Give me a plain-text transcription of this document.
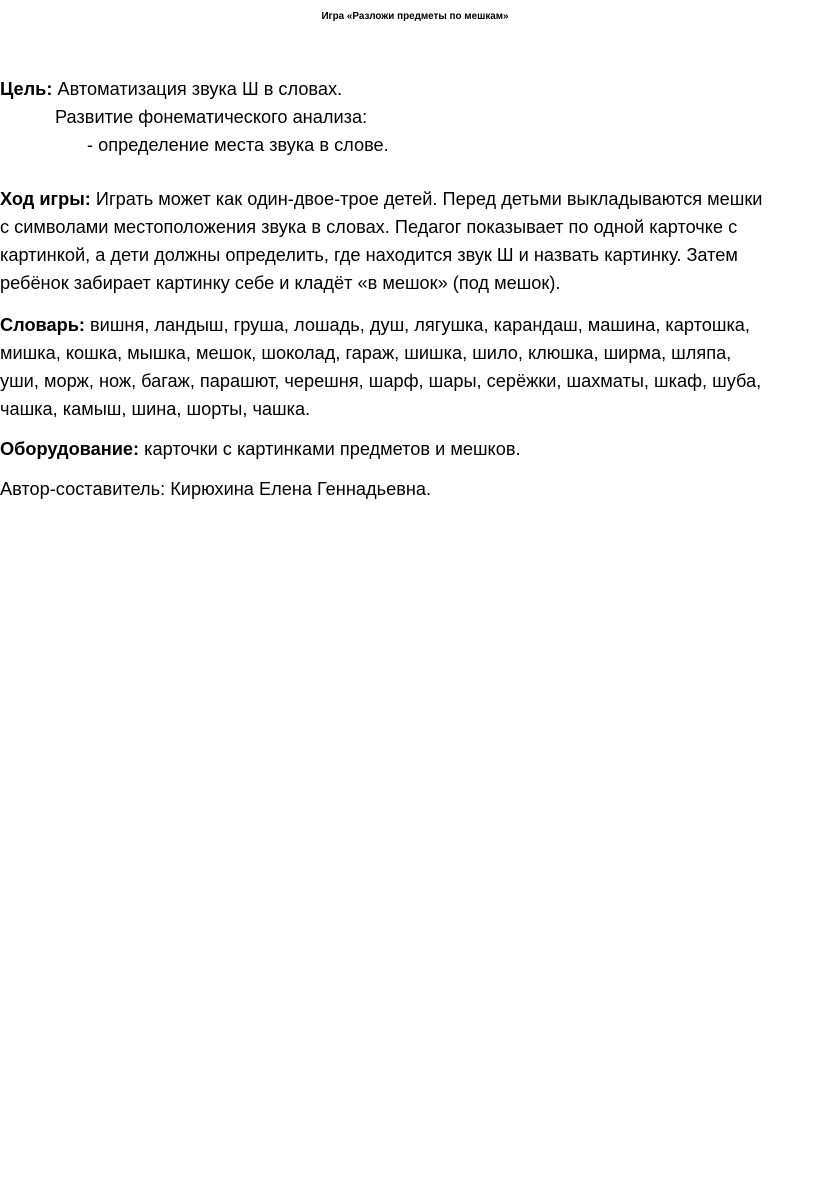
Игра «Разложи предметы по мешкам»
Цель: Автоматизация звука Ш в словах.
Развитие фонематического анализа:
- определение места звука в слове.
Ход игры: Играть может как один-двое-трое детей. Перед детьми выкладываются мешки
с символами местоположения звука в словах. Педагог показывает по одной карточке с
картинкой, а дети должны определить, где находится звук Ш и назвать картинку. Затем
ребёнок забирает картинку себе и кладёт «в мешок» (под мешок).
Словарь: вишня, ландыш, груша, лошадь, душ, лягушка, карандаш, машина, картошка,
мишка, кошка, мышка, мешок, шоколад, гараж, шишка, шило, клюшка, ширма, шляпа,
уши, морж, нож, багаж, парашют, черешня, шарф, шары, серёжки, шахматы, шкаф, шуба,
чашка, камыш, шина, шорты, чашка.
Оборудование: карточки с картинками предметов и мешков.
Автор-составитель: Кирюхина Елена Геннадьевна.
